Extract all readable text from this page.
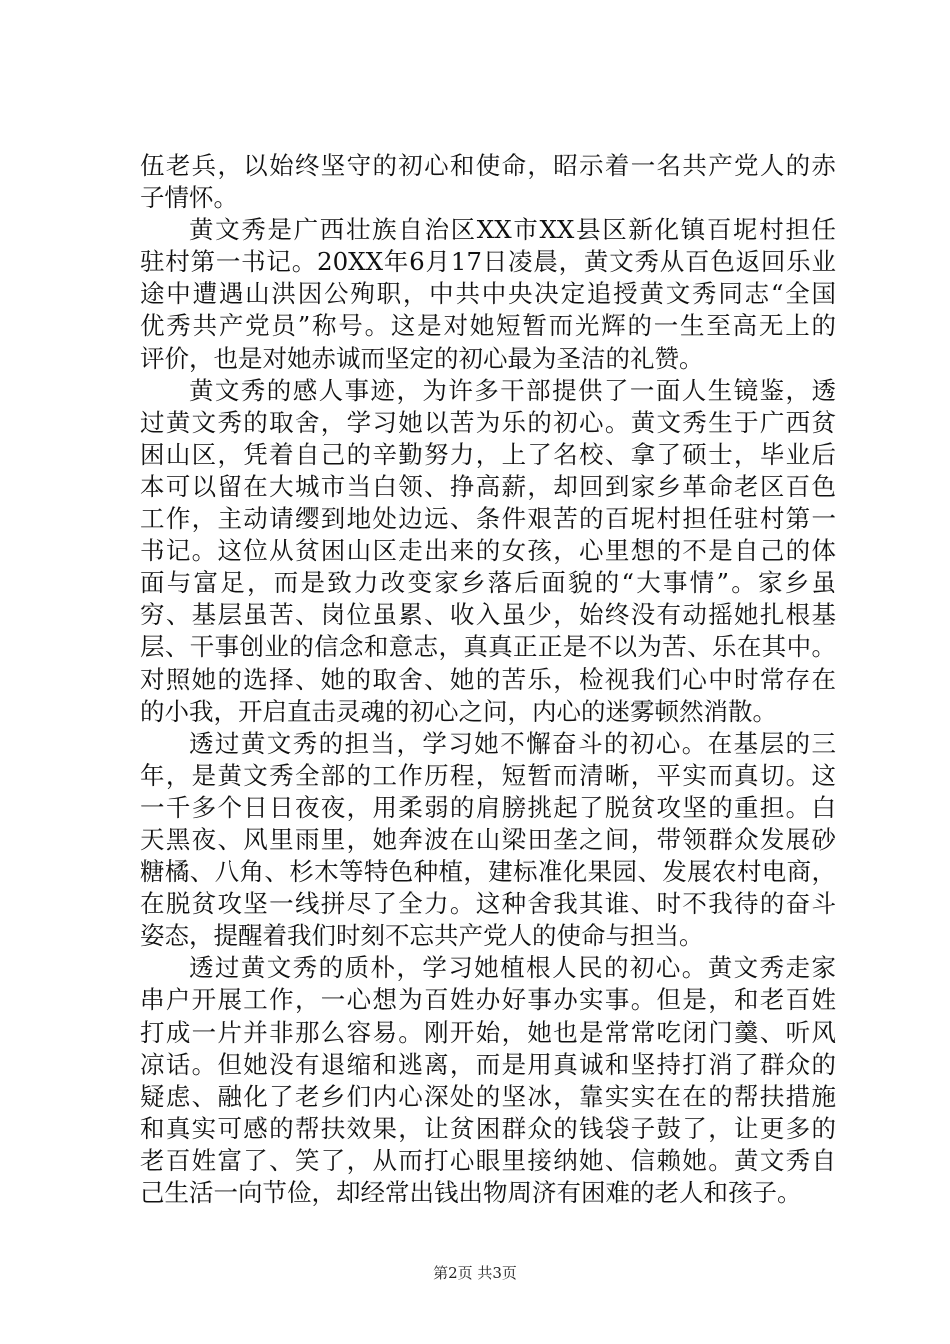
伍老兵，以始终坚守的初心和使命，昭示着一名共产党人的赤
子情怀。
黄文秀是广西壮族自治区XX市XX县区新化镇百坭村担任
驻村第一书记。20XX年6月17日凌晨，黄文秀从百色返回乐业
途中遭遇山洪因公殉职，中共中央决定追授黄文秀同志“全国
优秀共产党员”称号。这是对她短暂而光辉的一生至高无上的
评价，也是对她赤诚而坚定的初心最为圣洁的礼赞。
黄文秀的感人事迹，为许多干部提供了一面人生镜鉴，透
过黄文秀的取舍，学习她以苦为乐的初心。黄文秀生于广西贫
困山区，凭着自己的辛勤努力，上了名校、拿了硕士，毕业后
本可以留在大城市当白领、挣高薪，却回到家乡革命老区百色
工作，主动请缨到地处边远、条件艰苦的百坭村担任驻村第一
书记。这位从贫困山区走出来的女孩，心里想的不是自己的体
面与富足，而是致力改变家乡落后面貌的“大事情”。家乡虽
穷、基层虽苦、岗位虽累、收入虽少，始终没有动摇她扎根基
层、干事创业的信念和意志，真真正正是不以为苦、乐在其中。
对照她的选择、她的取舍、她的苦乐，检视我们心中时常存在
的小我，开启直击灵魂的初心之问，内心的迷雾顿然消散。
透过黄文秀的担当，学习她不懈奋斗的初心。在基层的三
年，是黄文秀全部的工作历程，短暂而清晰，平实而真切。这
一千多个日日夜夜，用柔弱的肩膀挑起了脱贫攻坚的重担。白
天黑夜、风里雨里，她奔波在山梁田垄之间，带领群众发展砂
糖橘、八角、杉木等特色种植，建标准化果园、发展农村电商，
在脱贫攻坚一线拼尽了全力。这种舍我其谁、时不我待的奋斗
姿态，提醒着我们时刻不忘共产党人的使命与担当。
透过黄文秀的质朴，学习她植根人民的初心。黄文秀走家
串户开展工作，一心想为百姓办好事办实事。但是，和老百姓
打成一片并非那么容易。刚开始，她也是常常吃闭门羹、听风
凉话。但她没有退缩和逃离，而是用真诚和坚持打消了群众的
疑虑、融化了老乡们内心深处的坚冰，靠实实在在的帮扶措施
和真实可感的帮扶效果，让贫困群众的钱袋子鼓了，让更多的
老百姓富了、笑了，从而打心眼里接纳她、信赖她。黄文秀自
己生活一向节俭，却经常出钱出物周济有困难的老人和孩子。
第2页 共3页
